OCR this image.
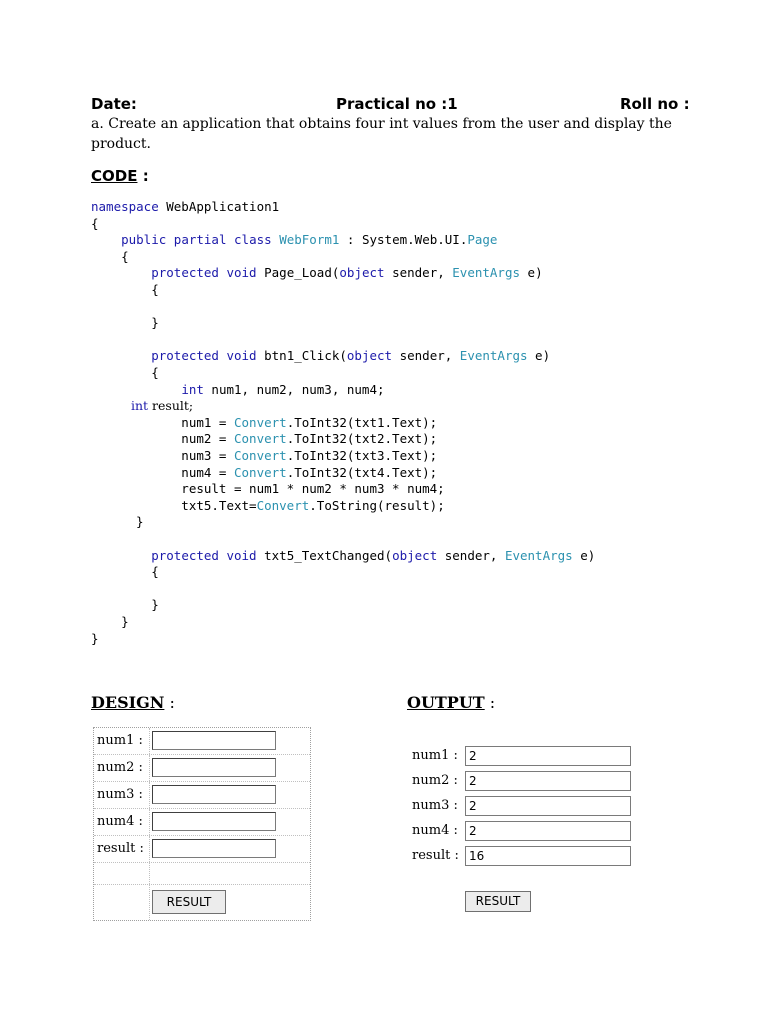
Date:	Practical no :1	Roll no :
a. Create an application that obtains four int values from the user and display the
product.
CODE :
namespace WebApplication1
{
public partial class WebForm1 : System.Web.UI.Page
{
protected void Page_Load(object sender, EventArgs e)
{
}
protected void btn1_Click(object sender, EventArgs e)
{
int num1, num2, num3, num4;
int result;
num1 = Convert.ToInt32(txt1.Text);
num2 = Convert.ToInt32(txt2.Text);
num3 = Convert.ToInt32(txt3.Text);
num4 = Convert.ToInt32(txt4.Text);
result = num1 * num2 * num3 * num4;
txt5.Text=Convert.ToString(result);
}
protected void txt5_TextChanged(object sender, EventArgs e)
{
}
}
}
DESIGN :
num1 :
num2 :
num3 :
num4 :
result :
RESULT
OUTPUT :
num1 : 2
num2 : 2
num3 : 2
num4 : 2
result : 16
RESULT
